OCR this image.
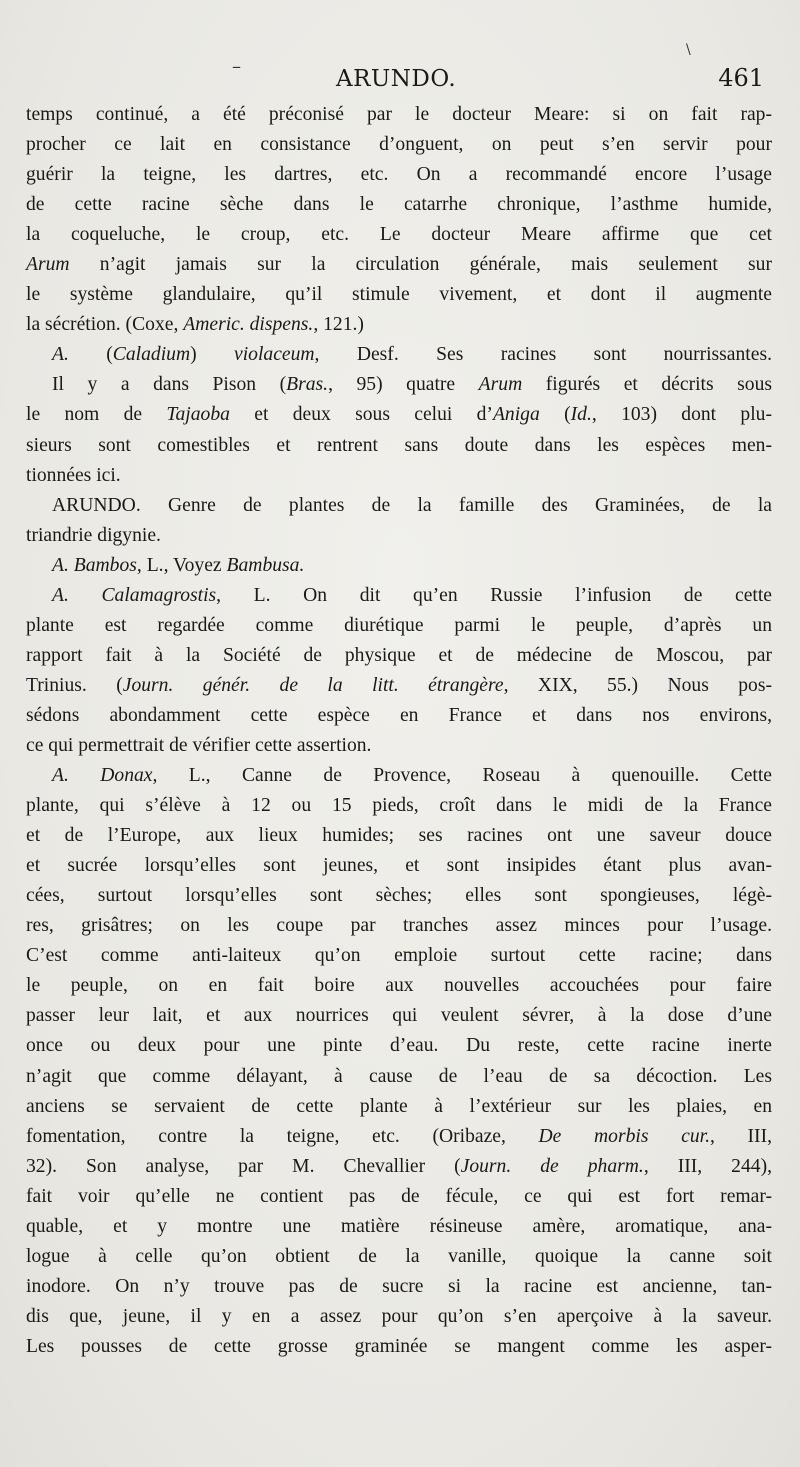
–
\
ARUNDO.	461
temps continué, a été préconisé par le docteur Meare: si on fait rap-
procher ce lait en consistance d’onguent, on peut s’en servir pour
guérir la teigne, les dartres, etc. On a recommandé encore l’usage
de cette racine sèche dans le catarrhe chronique, l’asthme humide,
la coqueluche, le croup, etc. Le docteur Meare affirme que cet
Arum n’agit jamais sur la circulation générale, mais seulement sur
le système glandulaire, qu’il stimule vivement, et dont il augmente
la sécrétion. (Coxe, Americ. dispens., 121.)
A. (Caladium) violaceum, Desf. Ses racines sont nourrissantes.
Il y a dans Pison (Bras., 95) quatre Arum figurés et décrits sous
le nom de Tajaoba et deux sous celui d’Aniga (Id., 103) dont plu-
sieurs sont comestibles et rentrent sans doute dans les espèces men-
tionnées ici.
ARUNDO. Genre de plantes de la famille des Graminées, de la
triandrie digynie.
A. Bambos, L., Voyez Bambusa.
A. Calamagrostis, L. On dit qu’en Russie l’infusion de cette
plante est regardée comme diurétique parmi le peuple, d’après un
rapport fait à la Société de physique et de médecine de Moscou, par
Trinius. (Journ. génér. de la litt. étrangère, XIX, 55.) Nous pos-
sédons abondamment cette espèce en France et dans nos environs,
ce qui permettrait de vérifier cette assertion.
A. Donax, L., Canne de Provence, Roseau à quenouille. Cette
plante, qui s’élève à 12 ou 15 pieds, croît dans le midi de la France
et de l’Europe, aux lieux humides; ses racines ont une saveur douce
et sucrée lorsqu’elles sont jeunes, et sont insipides étant plus avan-
cées, surtout lorsqu’elles sont sèches; elles sont spongieuses, légè-
res, grisâtres; on les coupe par tranches assez minces pour l’usage.
C’est comme anti-laiteux qu’on emploie surtout cette racine; dans
le peuple, on en fait boire aux nouvelles accouchées pour faire
passer leur lait, et aux nourrices qui veulent sévrer, à la dose d’une
once ou deux pour une pinte d’eau. Du reste, cette racine inerte
n’agit que comme délayant, à cause de l’eau de sa décoction. Les
anciens se servaient de cette plante à l’extérieur sur les plaies, en
fomentation, contre la teigne, etc. (Oribaze, De morbis cur., III,
32). Son analyse, par M. Chevallier (Journ. de pharm., III, 244),
fait voir qu’elle ne contient pas de fécule, ce qui est fort remar-
quable, et y montre une matière résineuse amère, aromatique, ana-
logue à celle qu’on obtient de la vanille, quoique la canne soit
inodore. On n’y trouve pas de sucre si la racine est ancienne, tan-
dis que, jeune, il y en a assez pour qu’on s’en aperçoive à la saveur.
Les pousses de cette grosse graminée se mangent comme les asper-
